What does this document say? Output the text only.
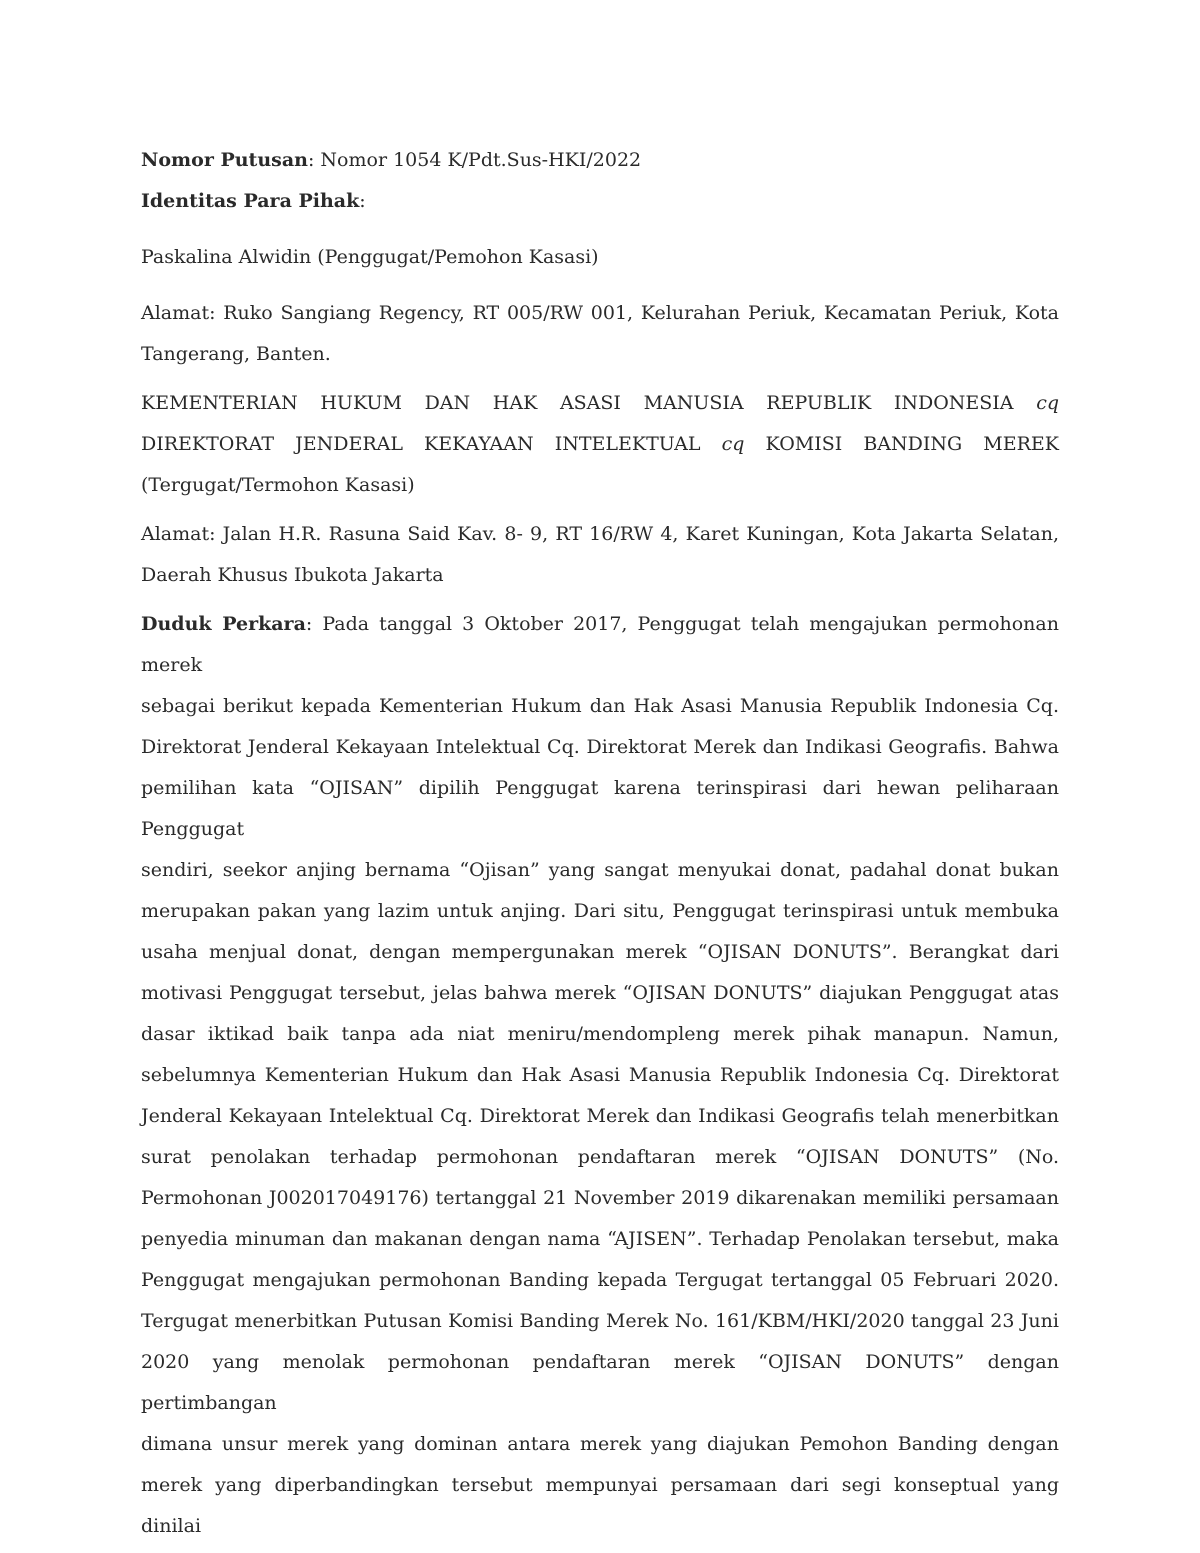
Nomor Putusan: Nomor 1054 K/Pdt.Sus-HKI/2022

Identitas Para Pihak:

Paskalina Alwidin (Penggugat/Pemohon Kasasi)

Alamat: Ruko Sangiang Regency, RT 005/RW 001, Kelurahan Periuk, Kecamatan Periuk, Kota
Tangerang, Banten.

KEMENTERIAN HUKUM DAN HAK ASASI MANUSIA REPUBLIK INDONESIA cq
DIREKTORAT JENDERAL KEKAYAAN INTELEKTUAL cq KOMISI BANDING MEREK
(Tergugat/Termohon Kasasi)

Alamat: Jalan H.R. Rasuna Said Kav. 8- 9, RT 16/RW 4, Karet Kuningan, Kota Jakarta Selatan,
Daerah Khusus Ibukota Jakarta

Duduk Perkara: Pada tanggal 3 Oktober 2017, Penggugat telah mengajukan permohonan merek
sebagai berikut kepada Kementerian Hukum dan Hak Asasi Manusia Republik Indonesia Cq.
Direktorat Jenderal Kekayaan Intelektual Cq. Direktorat Merek dan Indikasi Geografis. Bahwa
pemilihan kata “OJISAN” dipilih Penggugat karena terinspirasi dari hewan peliharaan Penggugat
sendiri, seekor anjing bernama “Ojisan” yang sangat menyukai donat, padahal donat bukan
merupakan pakan yang lazim untuk anjing. Dari situ, Penggugat terinspirasi untuk membuka
usaha menjual donat, dengan mempergunakan merek “OJISAN DONUTS”. Berangkat dari
motivasi Penggugat tersebut, jelas bahwa merek “OJISAN DONUTS” diajukan Penggugat atas
dasar iktikad baik tanpa ada niat meniru/mendompleng merek pihak manapun. Namun,
sebelumnya Kementerian Hukum dan Hak Asasi Manusia Republik Indonesia Cq. Direktorat
Jenderal Kekayaan Intelektual Cq. Direktorat Merek dan Indikasi Geografis telah menerbitkan
surat penolakan terhadap permohonan pendaftaran merek “OJISAN DONUTS” (No.
Permohonan J002017049176) tertanggal 21 November 2019 dikarenakan memiliki persamaan
penyedia minuman dan makanan dengan nama “AJISEN”. Terhadap Penolakan tersebut, maka
Penggugat mengajukan permohonan Banding kepada Tergugat tertanggal 05 Februari 2020.
Tergugat menerbitkan Putusan Komisi Banding Merek No. 161/KBM/HKI/2020 tanggal 23 Juni
2020 yang menolak permohonan pendaftaran merek “OJISAN DONUTS” dengan pertimbangan
dimana unsur merek yang dominan antara merek yang diajukan Pemohon Banding dengan
merek yang diperbandingkan tersebut mempunyai persamaan dari segi konseptual yang dinilai
